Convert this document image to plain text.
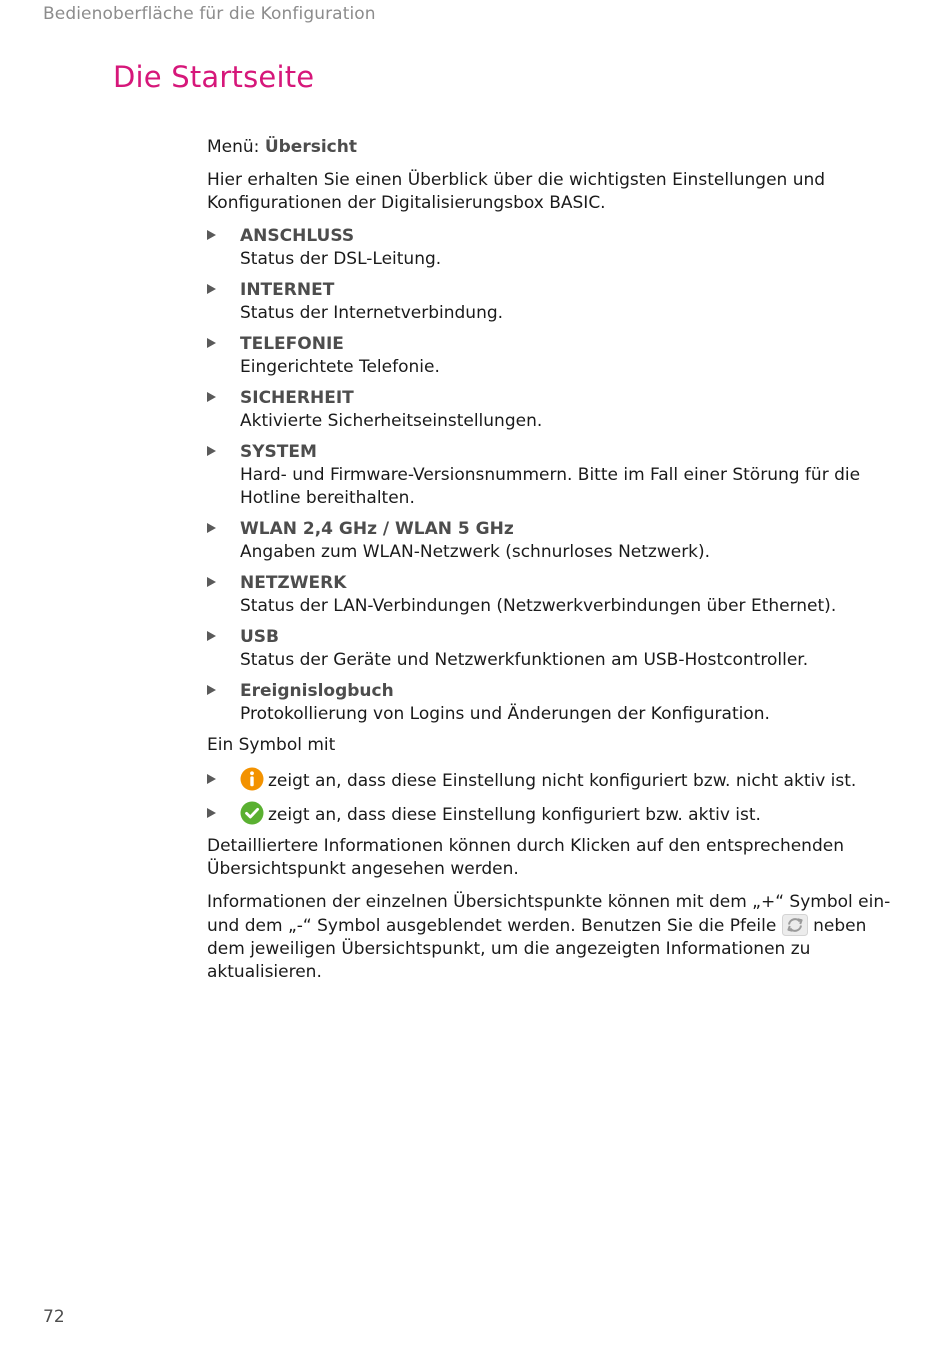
Bedienoberfläche für die Konfiguration
Die Startseite

Menü: Übersicht

Hier erhalten Sie einen Überblick über die wichtigsten Einstellungen und Konfigurationen der Digitalisierungsbox BASIC.

ANSCHLUSS
Status der DSL-Leitung.
INTERNET
Status der Internetverbindung.
TELEFONIE
Eingerichtete Telefonie.
SICHERHEIT
Aktivierte Sicherheitseinstellungen.
SYSTEM
Hard- und Firmware-Versionsnummern. Bitte im Fall einer Störung für die Hotline bereithalten.
WLAN 2,4 GHz / WLAN 5 GHz
Angaben zum WLAN-Netzwerk (schnurloses Netzwerk).
NETZWERK
Status der LAN-Verbindungen (Netzwerkverbindungen über Ethernet).
USB
Status der Geräte und Netzwerkfunktionen am USB-Hostcontroller.
Ereignislogbuch
Protokollierung von Logins und Änderungen der Konfiguration.

Ein Symbol mit

zeigt an, dass diese Einstellung nicht konfiguriert bzw. nicht aktiv ist.
zeigt an, dass diese Einstellung konfiguriert bzw. aktiv ist.

Detailliertere Informationen können durch Klicken auf den entsprechenden Übersichtspunkt angesehen werden.

Informationen der einzelnen Übersichtspunkte können mit dem „+“ Symbol ein- und dem „-“ Symbol ausgeblendet werden. Benutzen Sie die Pfeile  neben dem jeweiligen Übersichtspunkt, um die angezeigten Informationen zu aktualisieren.

72
